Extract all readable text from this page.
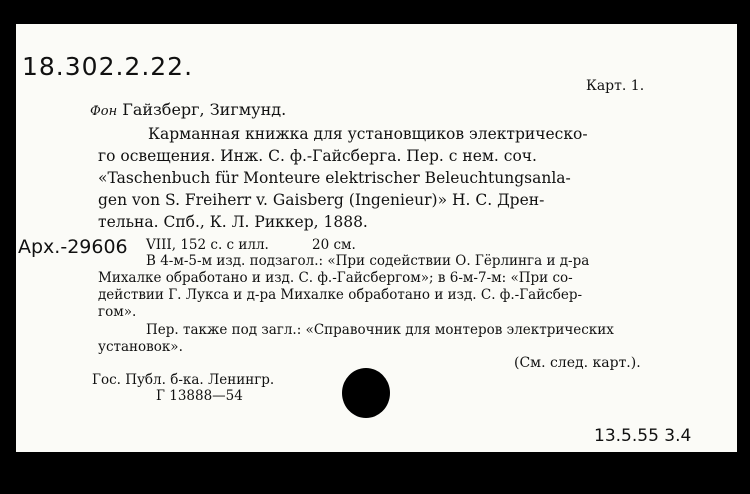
18.302.2.22.
Карт. 1.
Фон Гайзберг, Зигмунд.
Карманная книжка для установщиков электрическо-
го освещения. Инж. С. ф.-Гайсберга. Пер. с нем. соч.
«Taschenbuch für Monteure elektrischer Beleuchtungsanla-
gen von S. Freiherr v. Gaisberg (Ingenieur)» Н. С. Дрен-
тельна. Спб., К. Л. Риккер, 1888.
Арх.-29606 VIII, 152 с. с илл.	20 см.
В 4-м-5-м изд. подзагол.: «При содействии О. Гёрлинга и д-ра
Михалке обработано и изд. С. ф.-Гайсбергом»; в 6-м-7-м: «При со-
действии Г. Лукса и д-ра Михалке обработано и изд. С. ф.-Гайсбер-
гом».
Пер. также под загл.: «Справочник для монтеров электрических
установок».
(См. след. карт.).
Гос. Публ. б-ка. Ленингр.
Г 13888—54
13.5.55 3.4
